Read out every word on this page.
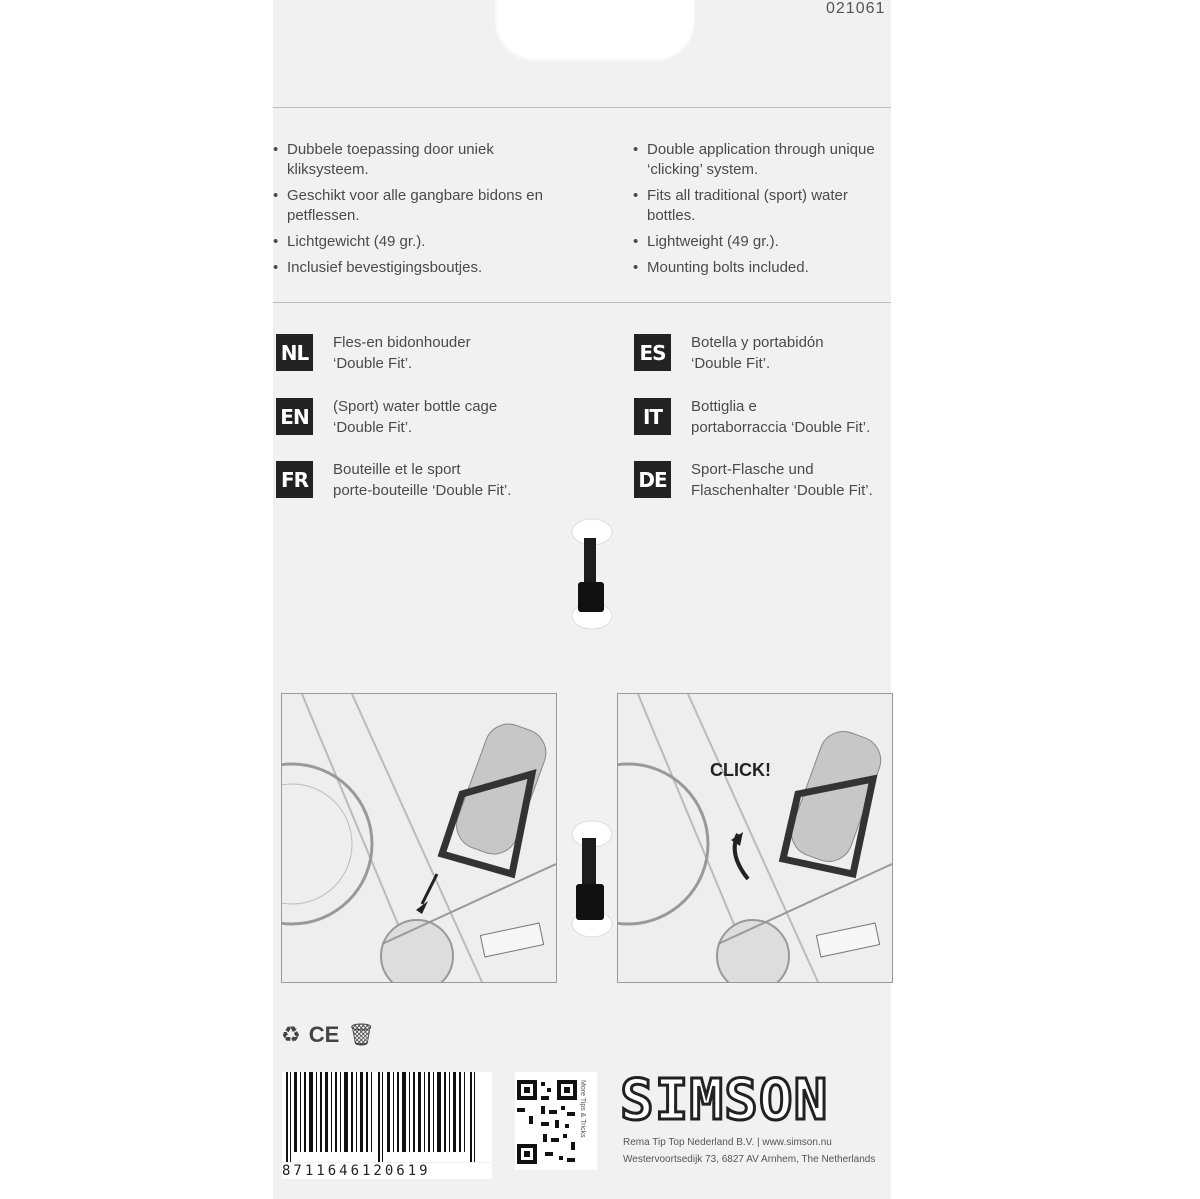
021061
• Dubbele toepassing door uniek kliksysteem.
• Geschikt voor alle gangbare bidons en petflessen.
• Lichtgewicht (49 gr.).
• Inclusief bevestigingsboutjes.
• Double application through unique ‘clicking’ system.
• Fits all traditional (sport) water bottles.
• Lightweight (49 gr.).
• Mounting bolts included.
NL	Fles-en bidonhouder
‘Double Fit’.
EN (Sport) water bottle cage
‘Double Fit’.
FR	Bouteille et le sport
porte-bouteille ‘Double Fit’.
ES	Botella y portabidón
‘Double Fit’.
IT	Bottiglia e
portaborraccia ‘Double Fit’.
DE Sport-Flasche und
Flaschenhalter ‘Double Fit’.
CLICK!
♻ CE 🗑
8711646120619
More Tips & Tricks SIMSON
Rema Tip Top Nederland B.V. | www.simson.nu
Westervoortsedijk 73, 6827 AV Arnhem, The Netherlands
